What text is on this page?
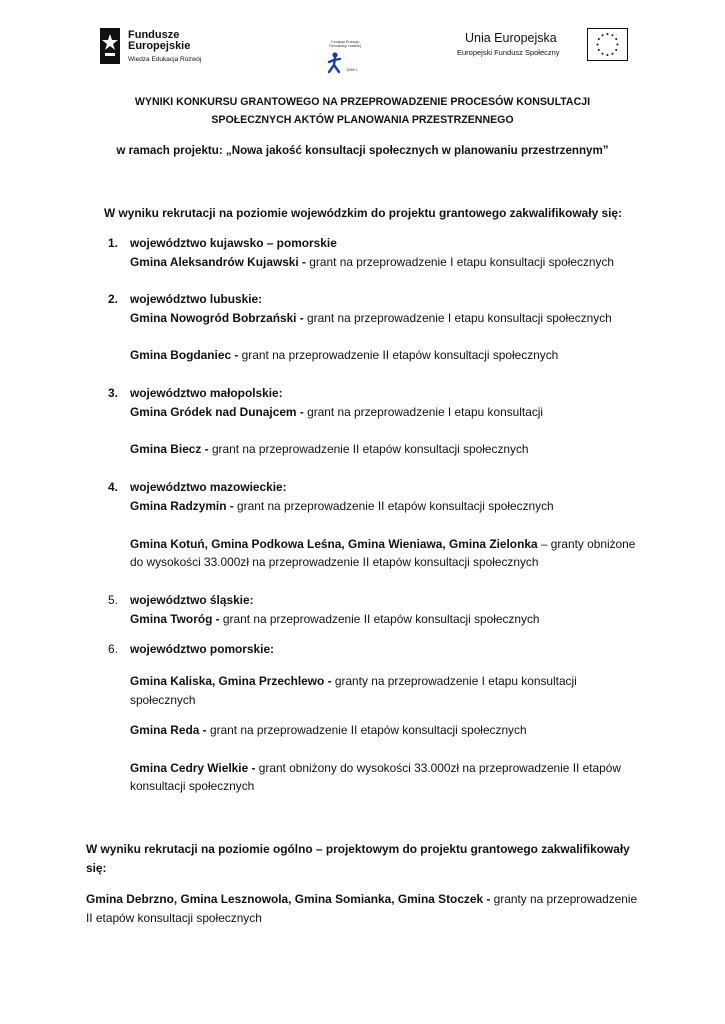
Fundusze
Europejskie
Wiedza Edukacja Rozwój
Fundacja Rozwoju Demokracji Lokalnej
1989 r.
Unia Europejska
Europejski Fundusz Społeczny
WYNIKI KONKURSU GRANTOWEGO NA PRZEPROWADZENIE PROCESÓW KONSULTACJI
SPOŁECZNYCH AKTÓW PLANOWANIA PRZESTRZENNEGO
w ramach projektu: „Nowa jakość konsultacji społecznych w planowaniu przestrzennym”
W wyniku rekrutacji na poziomie wojewódzkim do projektu grantowego zakwalifikowały się:
1. województwo kujawsko – pomorskie
Gmina Aleksandrów Kujawski - grant na przeprowadzenie I etapu konsultacji społecznych
2. województwo lubuskie:
Gmina Nowogród Bobrzański - grant na przeprowadzenie I etapu konsultacji społecznych
Gmina Bogdaniec - grant na przeprowadzenie II etapów konsultacji społecznych
3. województwo małopolskie:
Gmina Gródek nad Dunajcem - grant na przeprowadzenie I etapu konsultacji
Gmina Biecz - grant na przeprowadzenie II etapów konsultacji społecznych
4. województwo mazowieckie:
Gmina Radzymin - grant na przeprowadzenie II etapów konsultacji społecznych
Gmina Kotuń, Gmina Podkowa Leśna, Gmina Wieniawa, Gmina Zielonka – granty obniżone
do wysokości 33.000zł na przeprowadzenie II etapów konsultacji społecznych
5. województwo śląskie:
Gmina Tworóg - grant na przeprowadzenie II etapów konsultacji społecznych
6. województwo pomorskie:
Gmina Kaliska, Gmina Przechlewo - granty na przeprowadzenie I etapu konsultacji
społecznych
Gmina Reda - grant na przeprowadzenie II etapów konsultacji społecznych
Gmina Cedry Wielkie - grant obniżony do wysokości 33.000zł na przeprowadzenie II etapów
konsultacji społecznych
W wyniku rekrutacji na poziomie ogólno – projektowym do projektu grantowego zakwalifikowały
się:
Gmina Debrzno, Gmina Lesznowola, Gmina Somianka, Gmina Stoczek - granty na przeprowadzenie
II etapów konsultacji społecznych
